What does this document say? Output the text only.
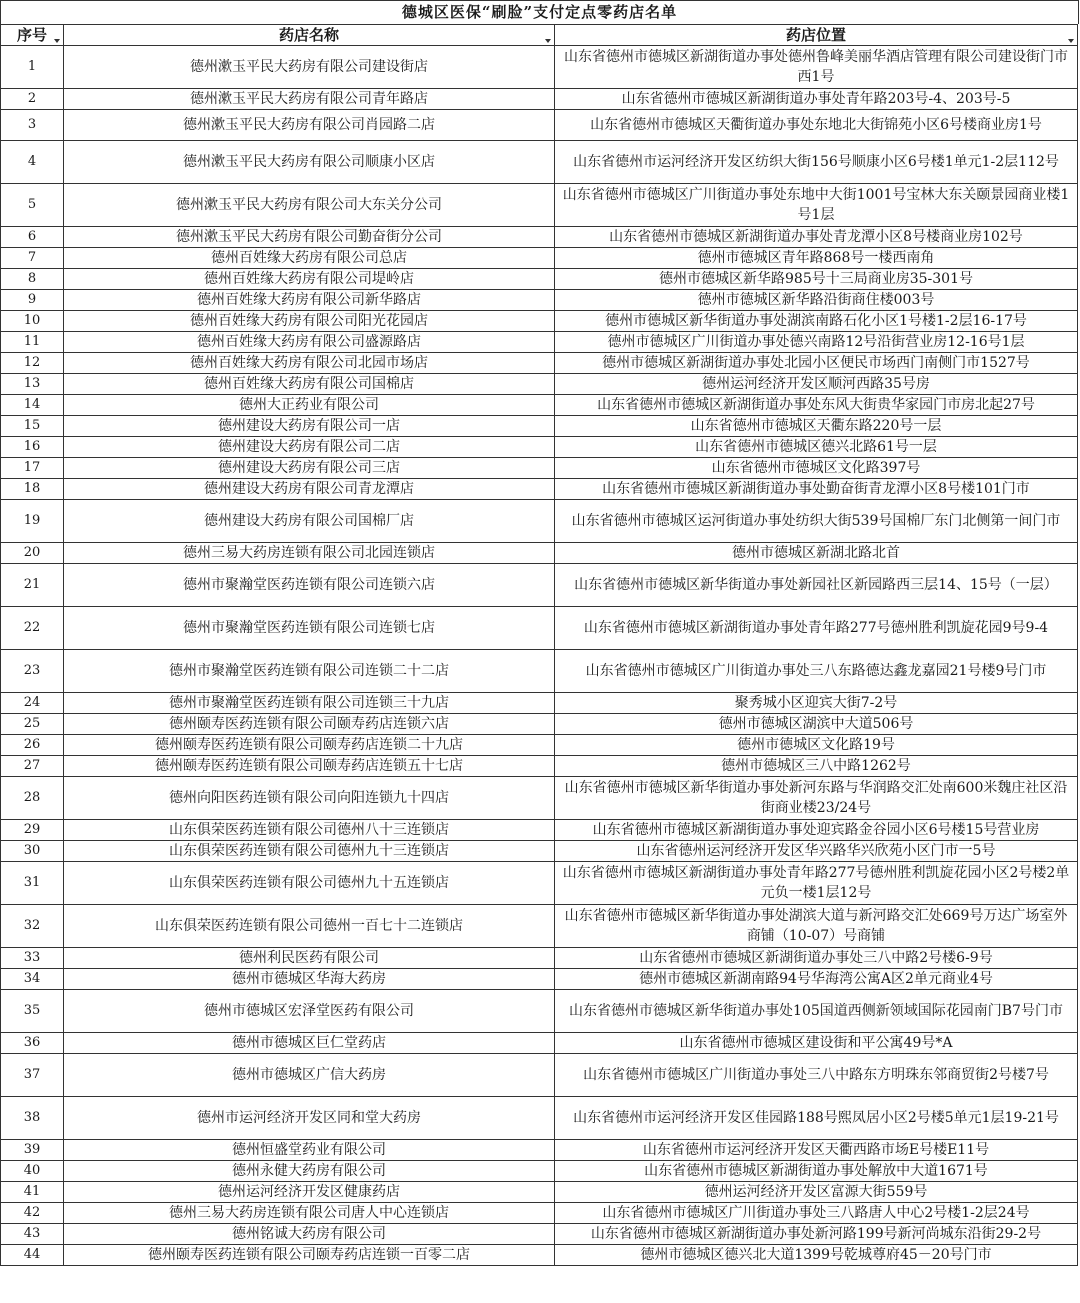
德城区医保“刷脸”支付定点零药店名单
序号	药店名称	药店位置

1	德州漱玉平民大药房有限公司建设街店	山东省德州市德城区新湖街道办事处德州鲁峰美丽华酒店管理有限公司建设街门市西1号
2	德州漱玉平民大药房有限公司青年路店	山东省德州市德城区新湖街道办事处青年路203号-4、203号-5
3	德州漱玉平民大药房有限公司肖园路二店	山东省德州市德城区天衢街道办事处东地北大街锦苑小区6号楼商业房1号
4	德州漱玉平民大药房有限公司顺康小区店	山东省德州市运河经济开发区纺织大街156号顺康小区6号楼1单元1-2层112号
5	德州漱玉平民大药房有限公司大东关分公司	山东省德州市德城区广川街道办事处东地中大街1001号宝林大东关颐景园商业楼1号1层
6	德州漱玉平民大药房有限公司勤奋街分公司	山东省德州市德城区新湖街道办事处青龙潭小区8号楼商业房102号
7	德州百姓缘大药房有限公司总店	德州市德城区青年路868号一楼西南角
8	德州百姓缘大药房有限公司堤岭店	德州市德城区新华路985号十三局商业房35-301号
9	德州百姓缘大药房有限公司新华路店	德州市德城区新华路沿街商住楼003号
10	德州百姓缘大药房有限公司阳光花园店	德州市德城区新华街道办事处湖滨南路石化小区1号楼1-2层16-17号
11	德州百姓缘大药房有限公司盛源路店	德州市德城区广川街道办事处德兴南路12号沿街营业房12-16号1层
12	德州百姓缘大药房有限公司北园市场店	德州市德城区新湖街道办事处北园小区便民市场西门南侧门市1527号
13	德州百姓缘大药房有限公司国棉店	德州运河经济开发区顺河西路35号房
14	德州大正药业有限公司	山东省德州市德城区新湖街道办事处东风大街贵华家园门市房北起27号
15	德州建设大药房有限公司一店	山东省德州市德城区天衢东路220号一层
16	德州建设大药房有限公司二店	山东省德州市德城区德兴北路61号一层
17	德州建设大药房有限公司三店	山东省德州市德城区文化路397号
18	德州建设大药房有限公司青龙潭店	山东省德州市德城区新湖街道办事处勤奋街青龙潭小区8号楼101门市
19	德州建设大药房有限公司国棉厂店	山东省德州市德城区运河街道办事处纺织大街539号国棉厂东门北侧第一间门市
20	德州三易大药房连锁有限公司北园连锁店	德州市德城区新湖北路北首
21	德州市聚瀚堂医药连锁有限公司连锁六店	山东省德州市德城区新华街道办事处新园社区新园路西三层14、15号（一层）
22	德州市聚瀚堂医药连锁有限公司连锁七店	山东省德州市德城区新湖街道办事处青年路277号德州胜利凯旋花园9号9-4
23	德州市聚瀚堂医药连锁有限公司连锁二十二店	山东省德州市德城区广川街道办事处三八东路德达鑫龙嘉园21号楼9号门市
24	德州市聚瀚堂医药连锁有限公司连锁三十九店	聚秀城小区迎宾大街7-2号
25	德州颐寿医药连锁有限公司颐寿药店连锁六店	德州市德城区湖滨中大道506号
26	德州颐寿医药连锁有限公司颐寿药店连锁二十九店	德州市德城区文化路19号
27	德州颐寿医药连锁有限公司颐寿药店连锁五十七店	德州市德城区三八中路1262号
28	德州向阳医药连锁有限公司向阳连锁九十四店	山东省德州市德城区新华街道办事处新河东路与华润路交汇处南600米魏庄社区沿街商业楼23/24号
29	山东俱荣医药连锁有限公司德州八十三连锁店	山东省德州市德城区新湖街道办事处迎宾路金谷园小区6号楼15号营业房
30	山东俱荣医药连锁有限公司德州九十三连锁店	山东省德州运河经济开发区华兴路华兴欣苑小区门市一5号
31	山东俱荣医药连锁有限公司德州九十五连锁店	山东省德州市德城区新湖街道办事处青年路277号德州胜利凯旋花园小区2号楼2单元负一楼1层12号
32	山东俱荣医药连锁有限公司德州一百七十二连锁店	山东省德州市德城区新华街道办事处湖滨大道与新河路交汇处669号万达广场室外商铺（10-07）号商铺
33	德州利民医药有限公司	山东省德州市德城区新湖街道办事处三八中路2号楼6-9号
34	德州市德城区华海大药房	德州市德城区新湖南路94号华海湾公寓A区2单元商业4号
35	德州市德城区宏泽堂医药有限公司	山东省德州市德城区新华街道办事处105国道西侧新领域国际花园南门B7号门市
36	德州市德城区巨仁堂药店	山东省德州市德城区建设街和平公寓49号*A
37	德州市德城区广信大药房	山东省德州市德城区广川街道办事处三八中路东方明珠东邻商贸街2号楼7号
38	德州市运河经济开发区同和堂大药房	山东省德州市运河经济开发区佳园路188号熙凤居小区2号楼5单元1层19-21号
39	德州恒盛堂药业有限公司	山东省德州市运河经济开发区天衢西路市场E号楼E11号
40	德州永健大药房有限公司	山东省德州市德城区新湖街道办事处解放中大道1671号
41	德州运河经济开发区健康药店	德州运河经济开发区富源大街559号
42	德州三易大药房连锁有限公司唐人中心连锁店	山东省德州市德城区广川街道办事处三八路唐人中心2号楼1-2层24号
43	德州铭诚大药房有限公司	山东省德州市德城区新湖街道办事处新河路199号新河尚城东沿街29-2号
44	德州颐寿医药连锁有限公司颐寿药店连锁一百零二店	德州市德城区德兴北大道1399号乾城尊府45－20号门市
